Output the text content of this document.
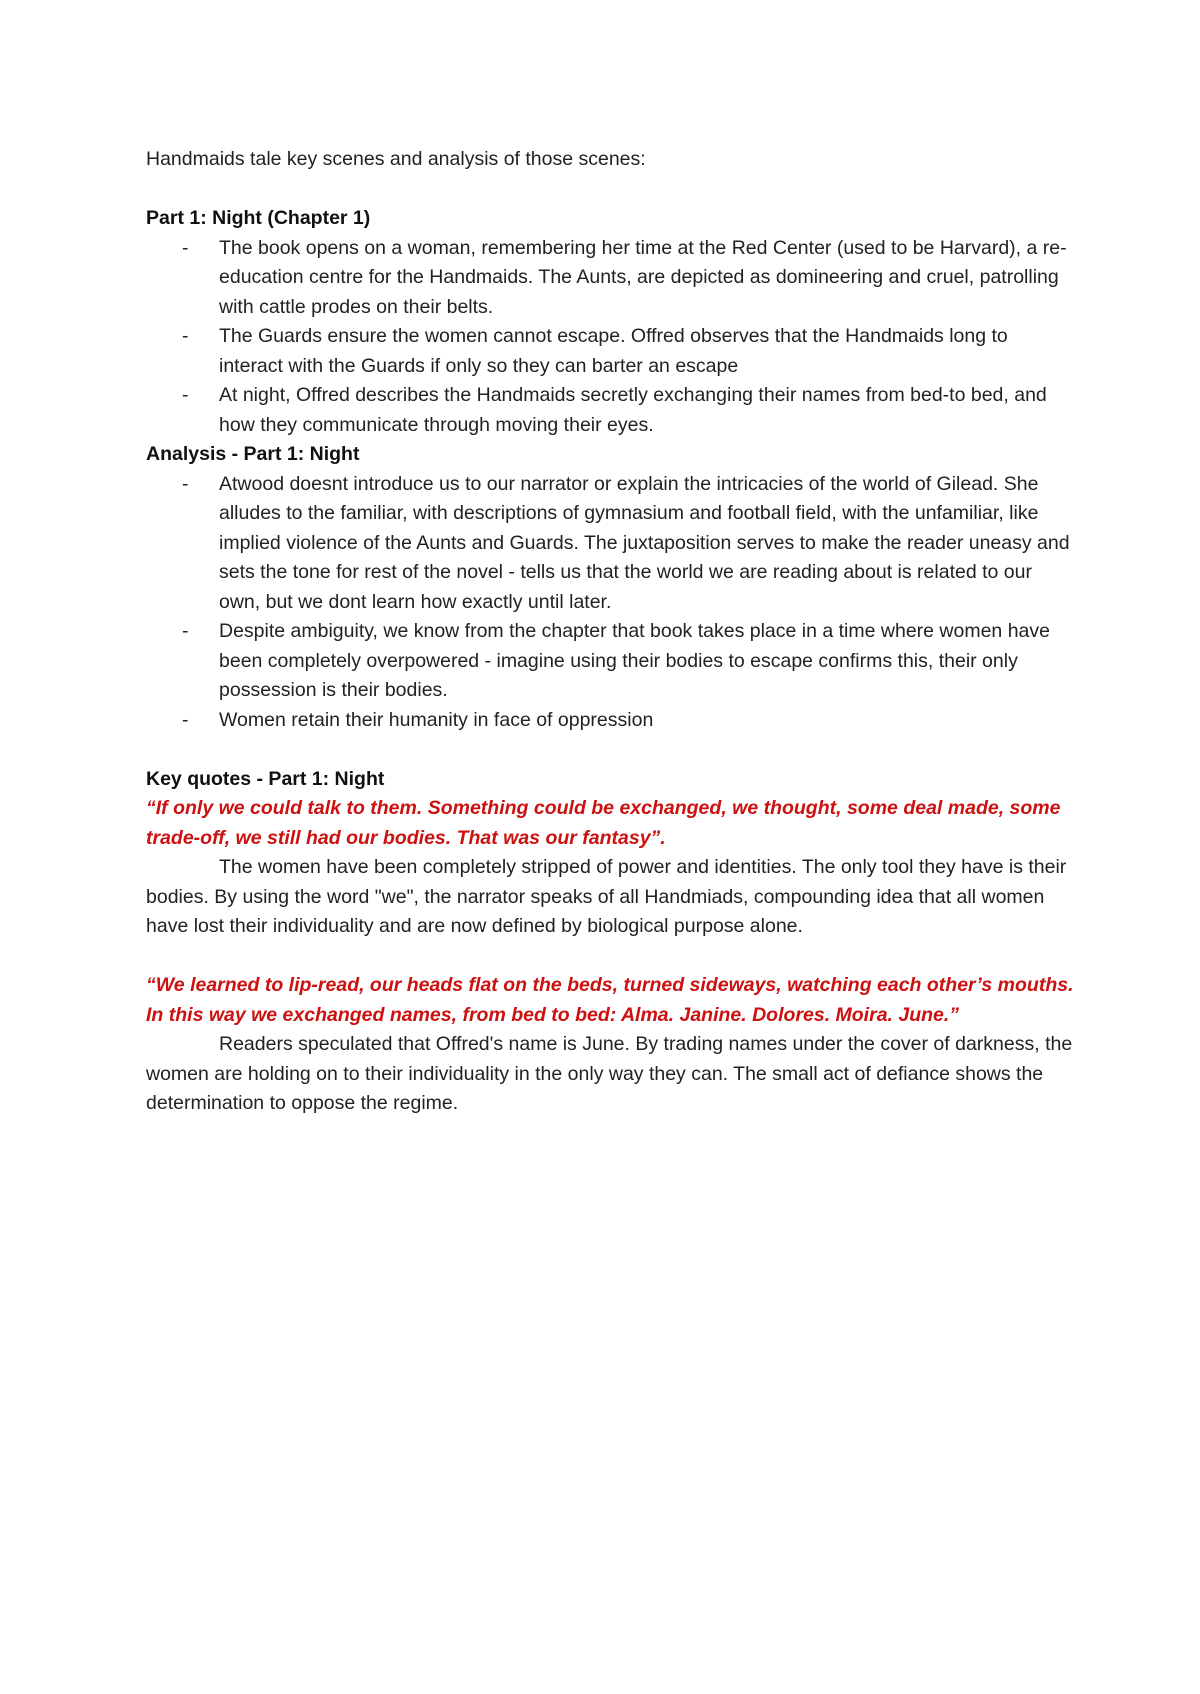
Handmaids tale key scenes and analysis of those scenes:

Part 1: Night (Chapter 1)

- The book opens on a woman, remembering her time at the Red Center (used to be Harvard), a re-education centre for the Handmaids. The Aunts, are depicted as domineering and cruel, patrolling with cattle prodes on their belts.
- The Guards ensure the women cannot escape. Offred observes that the Handmaids long to interact with the Guards if only so they can barter an escape
- At night, Offred describes the Handmaids secretly exchanging their names from bed-to bed, and how they communicate through moving their eyes.

Analysis - Part 1: Night

- Atwood doesnt introduce us to our narrator or explain the intricacies of the world of Gilead. She alludes to the familiar, with descriptions of gymnasium and football field, with the unfamiliar, like implied violence of the Aunts and Guards. The juxtaposition serves to make the reader uneasy and sets the tone for rest of the novel - tells us that the world we are reading about is related to our own, but we dont learn how exactly until later.
- Despite ambiguity, we know from the chapter that book takes place in a time where women have been completely overpowered - imagine using their bodies to escape confirms this, their only possession is their bodies.
- Women retain their humanity in face of oppression

Key quotes - Part 1: Night

“If only we could talk to them. Something could be exchanged, we thought, some deal made, some trade-off, we still had our bodies. That was our fantasy”.

The women have been completely stripped of power and identities. The only tool they have is their bodies. By using the word "we", the narrator speaks of all Handmiads, compounding idea that all women have lost their individuality and are now defined by biological purpose alone.

“We learned to lip-read, our heads flat on the beds, turned sideways, watching each other’s mouths. In this way we exchanged names, from bed to bed: Alma. Janine. Dolores. Moira. June.”

Readers speculated that Offred's name is June. By trading names under the cover of darkness, the women are holding on to their individuality in the only way they can. The small act of defiance shows the determination to oppose the regime.
